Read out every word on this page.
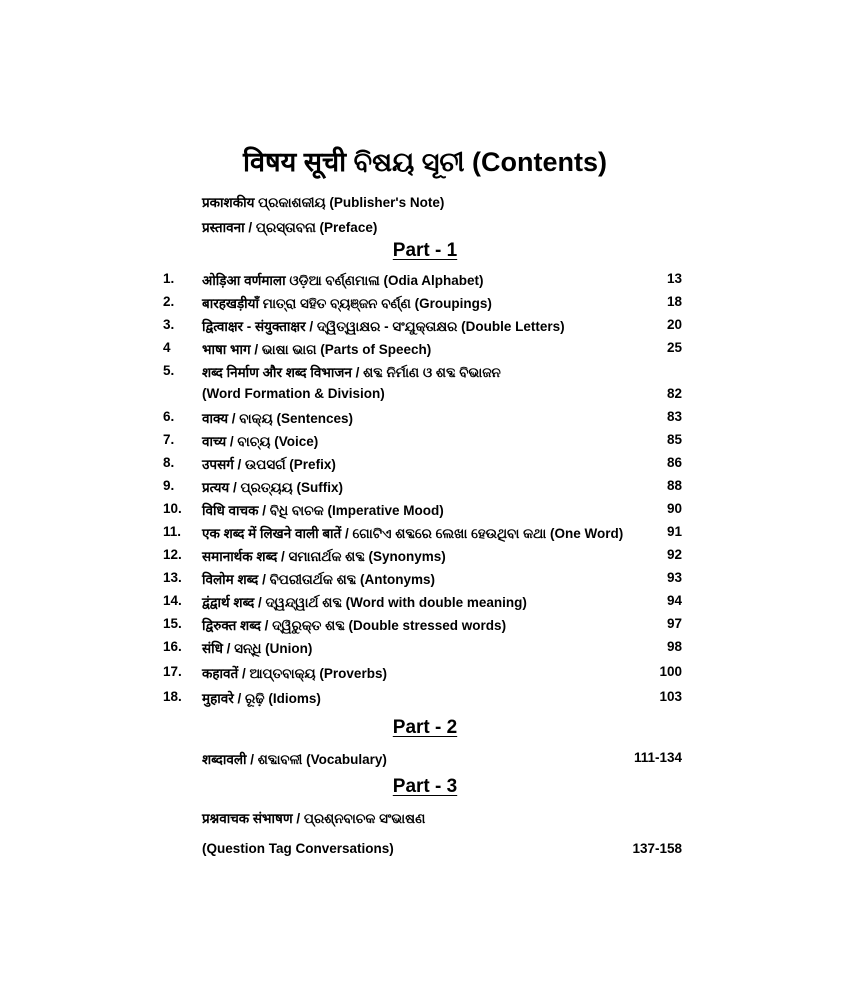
विषय सूची ବିଷୟ ସୂଚୀ (Contents)
प्रकाशकीय ପ୍ରକାଶକୀୟ (Publisher's Note)
प्रस्तावना / ପ୍ରସ୍ତାବନା (Preface)
Part - 1
1. ओड़िआ वर्णमाला ଓଡ଼ିଆ ବର୍ଣ୍ଣମାଳା (Odia Alphabet)	13
2. बारहखड़ीयाँ ମାତ୍ରା ସହିତ ବ୍ୟଞ୍ଜନ ବର୍ଣ୍ଣ (Groupings)	18
3. द्वित्वाक्षर - संयुक्ताक्षर / ଦ୍ୱିତ୍ୱାକ୍ଷର - ସଂଯୁକ୍ତାକ୍ଷର (Double Letters)	20
4 भाषा भाग / ଭାଷା ଭାଗ (Parts of Speech)	25
5. शब्द निर्माण और शब्द विभाजन / ଶବ୍ଦ ନିର୍ମାଣ ଓ ଶବ୍ଦ ବିଭାଜନ
(Word Formation & Division)	82
6. वाक्य / ବାକ୍ୟ (Sentences)	83
7. वाच्य / ବାଚ୍ୟ (Voice)	85
8. उपसर्ग / ଉପସର୍ଗ (Prefix)	86
9. प्रत्यय / ପ୍ରତ୍ୟୟ (Suffix)	88
10. विधि वाचक / ବିଧି ବାଚକ (Imperative Mood)	90
11. एक शब्द में लिखने वाली बातें / ଗୋଟିଏ ଶବ୍ଦରେ ଲେଖା ହେଉଥିବା କଥା (One Word)	91
12. समानार्थक शब्द / ସମାନାର୍ଥକ ଶବ୍ଦ (Synonyms)	92
13. विलोम शब्द / ବିପରୀତାର୍ଥକ ଶବ୍ଦ (Antonyms)	93
14. द्वंद्वार्थ शब्द / ଦ୍ୱନ୍ଦ୍ୱାର୍ଥ ଶବ୍ଦ (Word with double meaning)	94
15. द्विरुक्त शब्द / ଦ୍ୱିରୁକ୍ତ ଶବ୍ଦ (Double stressed words)	97
16. संधि / ସନ୍ଧି (Union)	98
17. कहावतें / ଆପ୍ତବାକ୍ୟ (Proverbs)	100
18. मुहावरे / ରୂଢ଼ି (Idioms)	103
Part - 2
शब्दावली / ଶବ୍ଦାବଳୀ (Vocabulary)	111-134
Part - 3
प्रश्नवाचक संभाषण / ପ୍ରଶ୍ନବାଚକ ସଂଭାଷଣ
(Question Tag Conversations)	137-158
